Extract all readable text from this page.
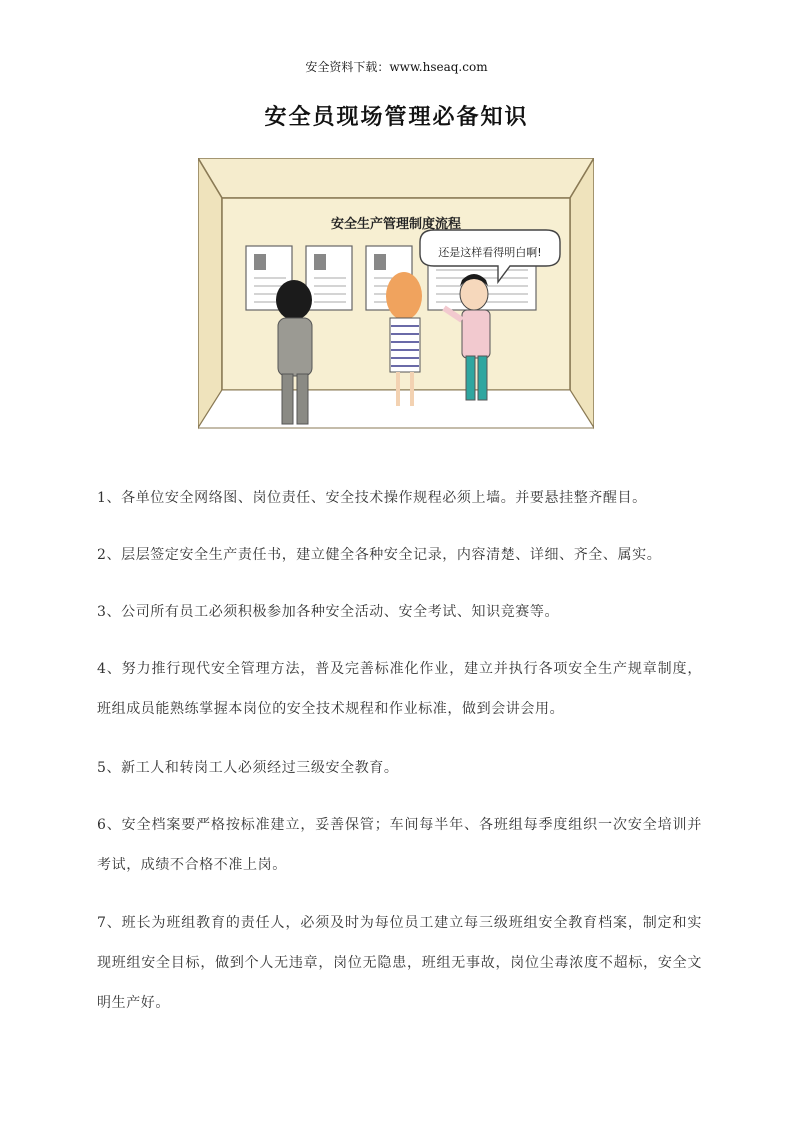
安全资料下载：www.hseaq.com
安全员现场管理必备知识
安全生产管理制度流程
还是这样看得明白啊!
1、各单位安全网络图、岗位责任、安全技术操作规程必须上墙。并要悬挂整齐醒目。
2、层层签定安全生产责任书，建立健全各种安全记录，内容清楚、详细、齐全、属实。
3、公司所有员工必须积极参加各种安全活动、安全考试、知识竞赛等。
4、努力推行现代安全管理方法，普及完善标准化作业，建立并执行各项安全生产规章制度，班组成员能熟练掌握本岗位的安全技术规程和作业标准，做到会讲会用。
5、新工人和转岗工人必须经过三级安全教育。
6、安全档案要严格按标准建立，妥善保管；车间每半年、各班组每季度组织一次安全培训并考试，成绩不合格不准上岗。
7、班长为班组教育的责任人，必须及时为每位员工建立每三级班组安全教育档案，制定和实现班组安全目标，做到个人无违章，岗位无隐患，班组无事故，岗位尘毒浓度不超标，安全文明生产好。
